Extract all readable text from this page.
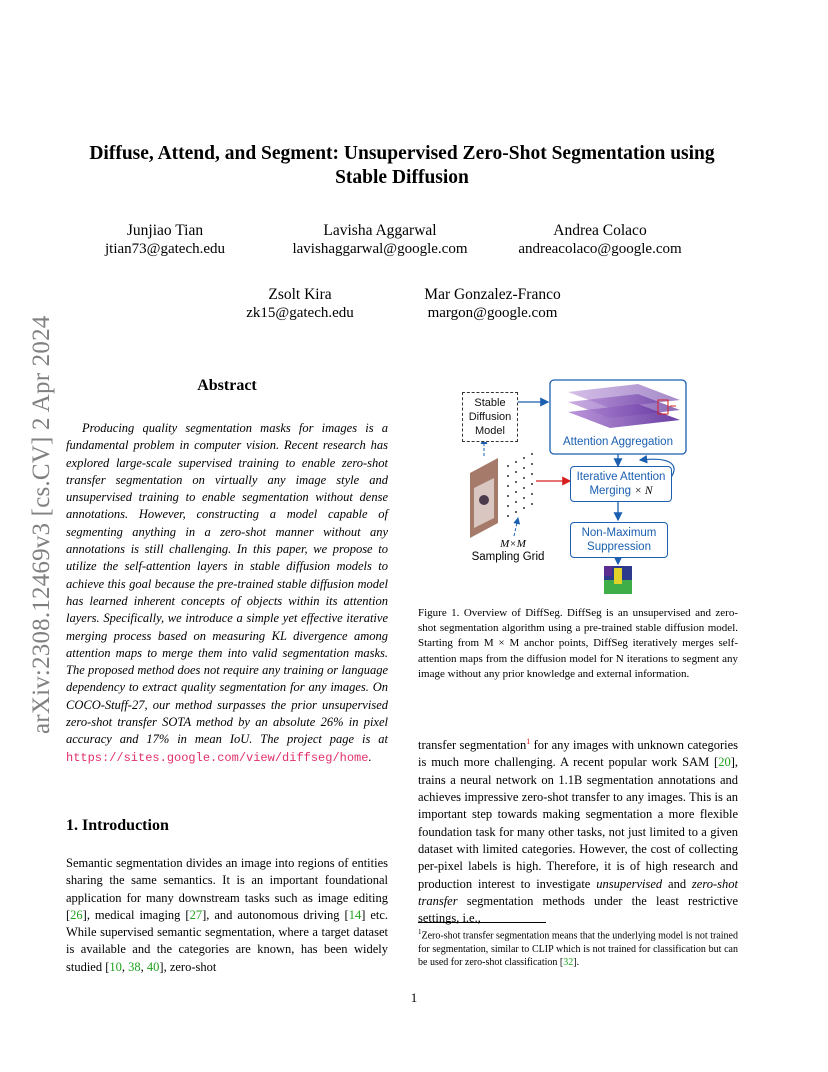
arXiv:2308.12469v3 [cs.CV] 2 Apr 2024
Diffuse, Attend, and Segment: Unsupervised Zero-Shot Segmentation using
Stable Diffusion
Junjiao Tian
jtian73@gatech.edu
Lavisha Aggarwal
lavishaggarwal@google.com
Andrea Colaco
andreacolaco@google.com
Zsolt Kira
zk15@gatech.edu
Mar Gonzalez-Franco
margon@google.com
Abstract
Producing quality segmentation masks for images is a fundamental problem in computer vision. Recent research has explored large-scale supervised training to enable zero-shot transfer segmentation on virtually any image style and unsupervised training to enable segmentation without dense annotations. However, constructing a model capable of segmenting anything in a zero-shot manner without any annotations is still challenging. In this paper, we propose to utilize the self-attention layers in stable diffusion models to achieve this goal because the pre-trained stable diffusion model has learned inherent concepts of objects within its attention layers. Specifically, we introduce a simple yet effective iterative merging process based on measuring KL divergence among attention maps to merge them into valid segmentation masks. The proposed method does not require any training or language dependency to extract quality segmentation for any images. On COCO-Stuff-27, our method surpasses the prior unsupervised zero-shot transfer SOTA method by an absolute 26% in pixel accuracy and 17% in mean IoU. The project page is at https://sites.google.com/view/diffseg/home.
1. Introduction
Semantic segmentation divides an image into regions of entities sharing the same semantics. It is an important foundational application for many downstream tasks such as image editing [26], medical imaging [27], and autonomous driving [14] etc. While supervised semantic segmentation, where a target dataset is available and the categories are known, has been widely studied [10, 38, 40], zero-shot
Stable Diffusion Model
Attention Aggregation
Iterative Attention Merging × N
Non-Maximum Suppression
M×M
Sampling Grid
Figure 1. Overview of DiffSeg. DiffSeg is an unsupervised and zero-shot segmentation algorithm using a pre-trained stable diffusion model. Starting from M × M anchor points, DiffSeg iteratively merges self-attention maps from the diffusion model for N iterations to segment any image without any prior knowledge and external information.
transfer segmentation$^1$ for any images with unknown categories is much more challenging. A recent popular work SAM [20], trains a neural network on 1.1B segmentation annotations and achieves impressive zero-shot transfer to any images. This is an important step towards making segmentation a more flexible foundation task for many other tasks, not just limited to a given dataset with limited categories. However, the cost of collecting per-pixel labels is high. Therefore, it is of high research and production interest to investigate unsupervised and zero-shot transfer segmentation methods under the least restrictive settings, i.e.,
$^1$Zero-shot transfer segmentation means that the underlying model is not trained for segmentation, similar to CLIP which is not trained for classification but can be used for zero-shot classification [32].
1
